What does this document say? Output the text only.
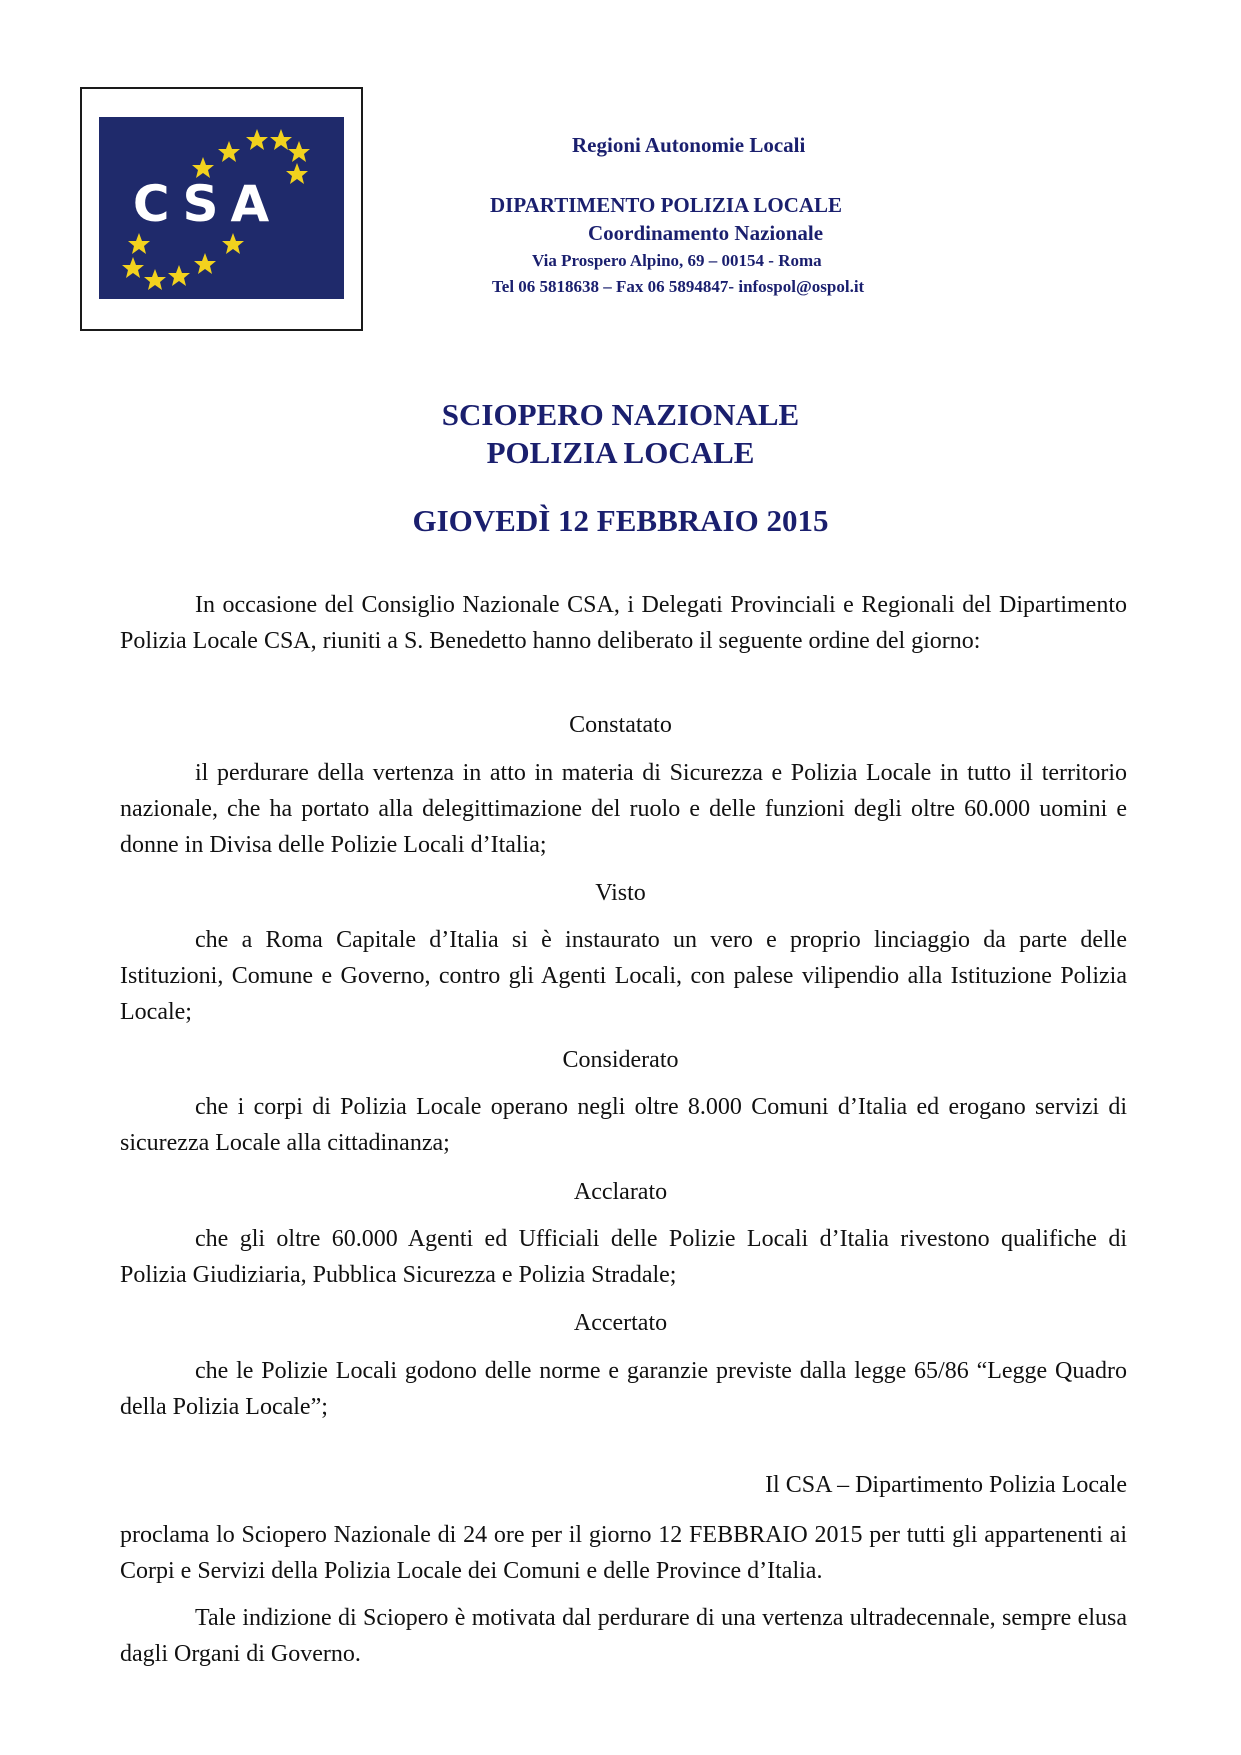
CSA
Regioni Autonomie Locali
DIPARTIMENTO POLIZIA LOCALE
Coordinamento Nazionale
Via Prospero Alpino, 69 – 00154 - Roma
Tel 06 5818638 – Fax 06 5894847- infospol@ospol.it
SCIOPERO NAZIONALE
POLIZIA LOCALE
GIOVEDÌ 12 FEBBRAIO 2015

In occasione del Consiglio Nazionale CSA, i Delegati Provinciali e Regionali del Dipartimento Polizia Locale CSA, riuniti a S. Benedetto hanno deliberato il seguente ordine del giorno:

Constatato

il perdurare della vertenza in atto in materia di Sicurezza e Polizia Locale in tutto il territorio nazionale, che ha portato alla delegittimazione del ruolo e delle funzioni degli oltre 60.000 uomini e donne in Divisa delle Polizie Locali d’Italia;

Visto

che a Roma Capitale d’Italia si è instaurato un vero e proprio linciaggio da parte delle Istituzioni, Comune e Governo, contro gli Agenti Locali, con palese vilipendio alla Istituzione Polizia Locale;

Considerato

che i corpi di Polizia Locale operano negli oltre 8.000 Comuni d’Italia ed erogano servizi di sicurezza Locale alla cittadinanza;

Acclarato

che gli oltre 60.000 Agenti ed Ufficiali delle Polizie Locali d’Italia rivestono qualifiche di Polizia Giudiziaria, Pubblica Sicurezza e Polizia Stradale;

Accertato

che le Polizie Locali godono delle norme e garanzie previste dalla legge 65/86 “Legge Quadro della Polizia Locale”;

Il CSA – Dipartimento Polizia Locale

proclama lo Sciopero Nazionale di 24 ore per il giorno 12 FEBBRAIO 2015 per tutti gli appartenenti ai Corpi e Servizi della Polizia Locale dei Comuni e delle Province d’Italia.

Tale indizione di Sciopero è motivata dal perdurare di una vertenza ultradecennale, sempre elusa dagli Organi di Governo.
